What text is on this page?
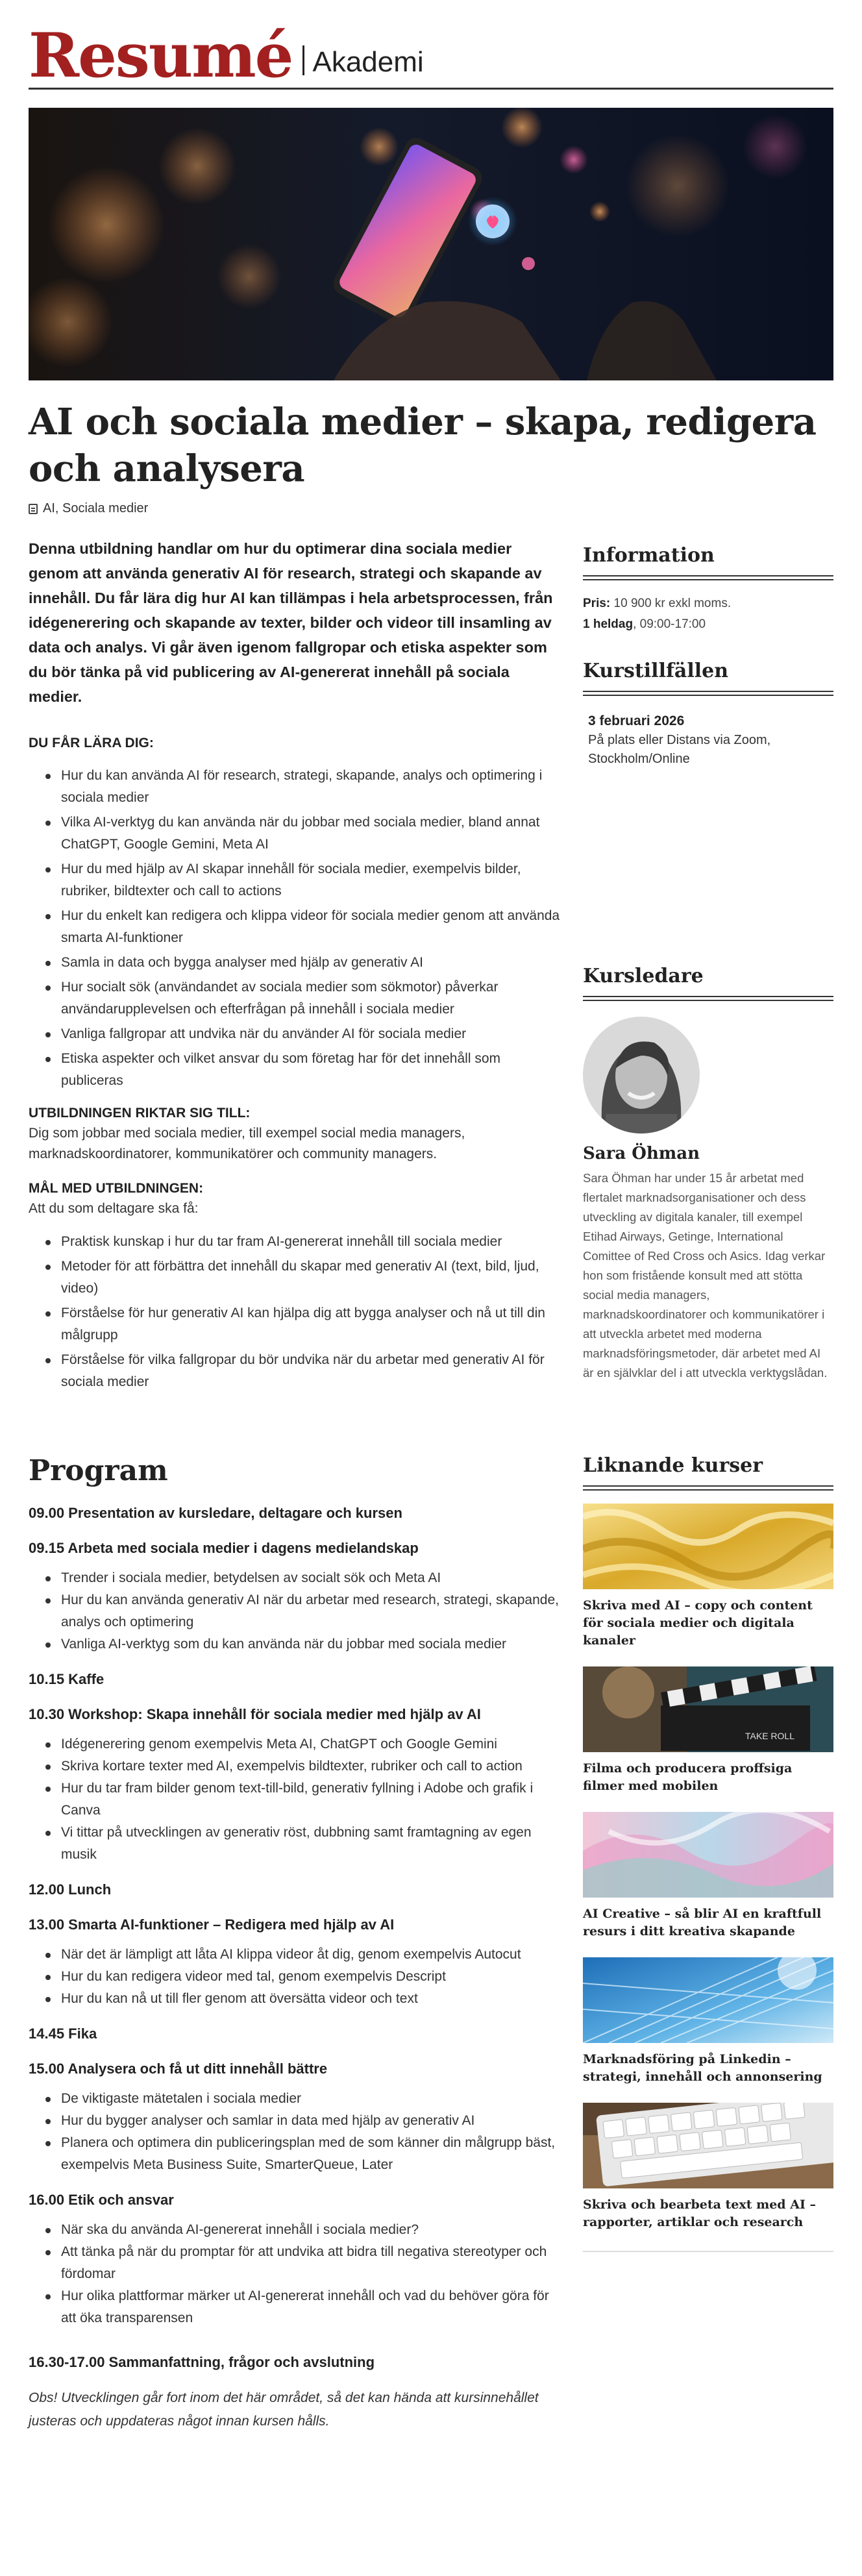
Resumé Akademi
AI och sociala medier – skapa, redigera och analysera
AI, Sociala medier

Denna utbildning handlar om hur du optimerar dina sociala medier genom att använda generativ AI för research, strategi och skapande av innehåll. Du får lära dig hur AI kan tillämpas i hela arbetsprocessen, från idégenerering och skapande av texter, bilder och videor till insamling av data och analys. Vi går även igenom fallgropar och etiska aspekter som du bör tänka på vid publicering av AI-genererat innehåll på sociala medier.

DU FÅR LÄRA DIG:
Hur du kan använda AI för research, strategi, skapande, analys och optimering i sociala medier
Vilka AI-verktyg du kan använda när du jobbar med sociala medier, bland annat ChatGPT, Google Gemini, Meta AI
Hur du med hjälp av AI skapar innehåll för sociala medier, exempelvis bilder, rubriker, bildtexter och call to actions
Hur du enkelt kan redigera och klippa videor för sociala medier genom att använda smarta AI-funktioner
Samla in data och bygga analyser med hjälp av generativ AI
Hur socialt sök (användandet av sociala medier som sökmotor) påverkar användarupplevelsen och efterfrågan på innehåll i sociala medier
Vanliga fallgropar att undvika när du använder AI för sociala medier
Etiska aspekter och vilket ansvar du som företag har för det innehåll som publiceras
UTBILDNINGEN RIKTAR SIG TILL:

Dig som jobbar med sociala medier, till exempel social media managers, marknadskoordinatorer, kommunikatörer och community managers.

MÅL MED UTBILDNINGEN:

Att du som deltagare ska få:

Praktisk kunskap i hur du tar fram AI-genererat innehåll till sociala medier
Metoder för att förbättra det innehåll du skapar med generativ AI (text, bild, ljud, video)
Förståelse för hur generativ AI kan hjälpa dig att bygga analyser och nå ut till din målgrupp
Förståelse för vilka fallgropar du bör undvika när du arbetar med generativ AI för sociala medier
Information
Pris: 10 900 kr exkl moms.
1 heldag, 09:00-17:00
Kurstillfällen
3 februari 2026
På plats eller Distans via Zoom, Stockholm/Online
Kursledare
Sara Öhman

Sara Öhman har under 15 år arbetat med flertalet marknadsorganisationer och dess utveckling av digitala kanaler, till exempel Etihad Airways, Getinge, International Comittee of Red Cross och Asics. Idag verkar hon som fristående konsult med att stötta social media managers, marknadskoordinatorer och kommunikatörer i att utveckla arbetet med moderna marknadsföringsmetoder, där arbetet med AI är en självklar del i att utveckla verktygslådan.

Program
09.00 Presentation av kursledare, deltagare och kursen
09.15 Arbeta med sociala medier i dagens medielandskap
Trender i sociala medier, betydelsen av socialt sök och Meta AI
Hur du kan använda generativ AI när du arbetar med research, strategi, skapande, analys och optimering
Vanliga AI-verktyg som du kan använda när du jobbar med sociala medier
10.15 Kaffe
10.30 Workshop: Skapa innehåll för sociala medier med hjälp av AI
Idégenerering genom exempelvis Meta AI, ChatGPT och Google Gemini
Skriva kortare texter med AI, exempelvis bildtexter, rubriker och call to action
Hur du tar fram bilder genom text-till-bild, generativ fyllning i Adobe och grafik i Canva
Vi tittar på utvecklingen av generativ röst, dubbning samt framtagning av egen musik
12.00 Lunch
13.00 Smarta AI-funktioner – Redigera med hjälp av AI
När det är lämpligt att låta AI klippa videor åt dig, genom exempelvis Autocut
Hur du kan redigera videor med tal, genom exempelvis Descript
Hur du kan nå ut till fler genom att översätta videor och text
14.45 Fika
15.00 Analysera och få ut ditt innehåll bättre
De viktigaste mätetalen i sociala medier
Hur du bygger analyser och samlar in data med hjälp av generativ AI
Planera och optimera din publiceringsplan med de som känner din målgrupp bäst, exempelvis Meta Business Suite, SmarterQueue, Later
16.00 Etik och ansvar
När ska du använda AI-genererat innehåll i sociala medier?
Att tänka på när du promptar för att undvika att bidra till negativa stereotyper och fördomar
Hur olika plattformar märker ut AI-genererat innehåll och vad du behöver göra för att öka transparensen
16.30-17.00 Sammanfattning, frågor och avslutning

Obs! Utvecklingen går fort inom det här området, så det kan hända att kursinnehållet justeras och uppdateras något innan kursen hålls.

Liknande kurser
Skriva med AI – copy och content för sociala medier och digitala kanaler
TAKE ROLL
Filma och producera proffsiga filmer med mobilen
AI Creative – så blir AI en kraftfull resurs i ditt kreativa skapande
Marknadsföring på Linkedin – strategi, innehåll och annonsering
Skriva och bearbeta text med AI – rapporter, artiklar och research
